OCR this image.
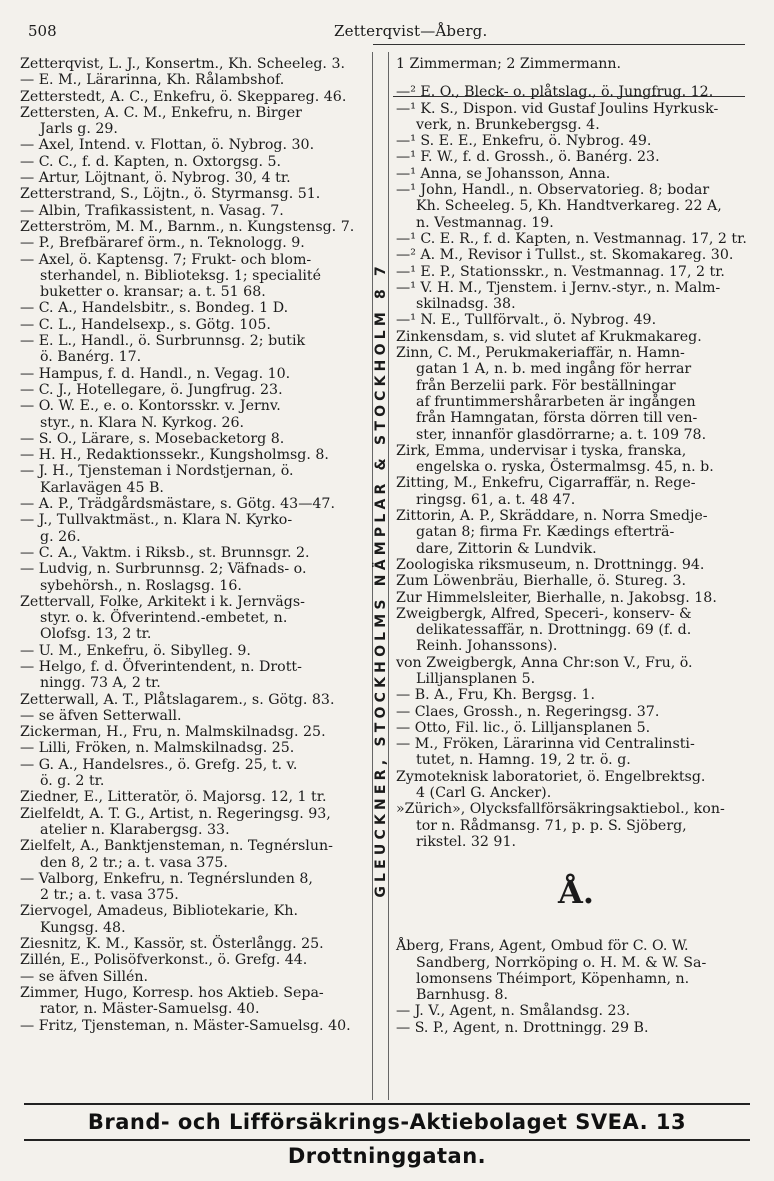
508	Zetterqvist—Åberg.
GLEUCKNER, STOCKHOLMS NÄMPLAR & STOCKHOLM 8 7
Zetterqvist, L. J., Konsertm., Kh. Scheeleg. 3.
— E. M., Lärarinna, Kh. Rålambshof.
Zetterstedt, A. C., Enkefru, ö. Skeppareg. 46.
Zettersten, A. C. M., Enkefru, n. Birger
Jarls g. 29.
— Axel, Intend. v. Flottan, ö. Nybrog. 30.
— C. C., f. d. Kapten, n. Oxtorgsg. 5.
— Artur, Löjtnant, ö. Nybrog. 30, 4 tr.
Zetterstrand, S., Löjtn., ö. Styrmansg. 51.
— Albin, Trafikassistent, n. Vasag. 7.
Zetterström, M. M., Barnm., n. Kungstensg. 7.
— P., Brefbäraref örm., n. Teknologg. 9.
— Axel, ö. Kaptensg. 7; Frukt- och blom-
sterhandel, n. Biblioteksg. 1; specialité
buketter o. kransar; a. t. 51 68.
— C. A., Handelsbitr., s. Bondeg. 1 D.
— C. L., Handelsexp., s. Götg. 105.
— E. L., Handl., ö. Surbrunnsg. 2; butik
ö. Banérg. 17.
— Hampus, f. d. Handl., n. Vegag. 10.
— C. J., Hotellegare, ö. Jungfrug. 23.
— O. W. E., e. o. Kontorsskr. v. Jernv.
styr., n. Klara N. Kyrkog. 26.
— S. O., Lärare, s. Mosebacketorg 8.
— H. H., Redaktionssekr., Kungsholmsg. 8.
— J. H., Tjensteman i Nordstjernan, ö.
Karlavägen 45 B.
— A. P., Trädgårdsmästare, s. Götg. 43—47.
— J., Tullvaktmäst., n. Klara N. Kyrko-
g. 26.
— C. A., Vaktm. i Riksb., st. Brunnsgr. 2.
— Ludvig, n. Surbrunnsg. 2; Väfnads- o.
sybehörsh., n. Roslagsg. 16.
Zettervall, Folke, Arkitekt i k. Jernvägs-
styr. o. k. Öfverintend.-embetet, n.
Olofsg. 13, 2 tr.
— U. M., Enkefru, ö. Sibylleg. 9.
— Helgo, f. d. Öfverintendent, n. Drott-
ningg. 73 A, 2 tr.
Zetterwall, A. T., Plåtslagarem., s. Götg. 83.
— se äfven Setterwall.
Zickerman, H., Fru, n. Malmskilnadsg. 25.
— Lilli, Fröken, n. Malmskilnadsg. 25.
— G. A., Handelsres., ö. Grefg. 25, t. v.
ö. g. 2 tr.
Ziedner, E., Litteratör, ö. Majorsg. 12, 1 tr.
Zielfeldt, A. T. G., Artist, n. Regeringsg. 93,
atelier n. Klarabergsg. 33.
Zielfelt, A., Banktjensteman, n. Tegnérslun-
den 8, 2 tr.; a. t. vasa 375.
— Valborg, Enkefru, n. Tegnérslunden 8,
2 tr.; a. t. vasa 375.
Ziervogel, Amadeus, Bibliotekarie, Kh.
Kungsg. 48.
Ziesnitz, K. M., Kassör, st. Österlångg. 25.
Zillén, E., Polisöfverkonst., ö. Grefg. 44.
— se äfven Sillén.
Zimmer, Hugo, Korresp. hos Aktieb. Sepa-
rator, n. Mäster-Samuelsg. 40.
— Fritz, Tjensteman, n. Mäster-Samuelsg. 40.
1 Zimmerman; 2 Zimmermann.
—² E. O., Bleck- o. plåtslag., ö. Jungfrug. 12.
—¹ K. S., Dispon. vid Gustaf Joulins Hyrkusk-
verk, n. Brunkebergsg. 4.
—¹ S. E. E., Enkefru, ö. Nybrog. 49.
—¹ F. W., f. d. Grossh., ö. Banérg. 23.
—¹ Anna, se Johansson, Anna.
—¹ John, Handl., n. Observatorieg. 8; bodar
Kh. Scheeleg. 5, Kh. Handtverkareg. 22 A,
n. Vestmannag. 19.
—¹ C. E. R., f. d. Kapten, n. Vestmannag. 17, 2 tr.
—² A. M., Revisor i Tullst., st. Skomakareg. 30.
—¹ E. P., Stationsskr., n. Vestmannag. 17, 2 tr.
—¹ V. H. M., Tjenstem. i Jernv.-styr., n. Malm-
skilnadsg. 38.
—¹ N. E., Tullförvalt., ö. Nybrog. 49.
Zinkensdam, s. vid slutet af Krukmakareg.
Zinn, C. M., Perukmakeriaffär, n. Hamn-
gatan 1 A, n. b. med ingång för herrar
från Berzelii park. För beställningar
af fruntimmershårarbeten är ingången
från Hamngatan, första dörren till ven-
ster, innanför glasdörrarne; a. t. 109 78.
Zirk, Emma, undervisar i tyska, franska,
engelska o. ryska, Östermalmsg. 45, n. b.
Zitting, M., Enkefru, Cigarraffär, n. Rege-
ringsg. 61, a. t. 48 47.
Zittorin, A. P., Skräddare, n. Norra Smedje-
gatan 8; firma Fr. Kædings efterträ-
dare, Zittorin & Lundvik.
Zoologiska riksmuseum, n. Drottningg. 94.
Zum Löwenbräu, Bierhalle, ö. Stureg. 3.
Zur Himmelsleiter, Bierhalle, n. Jakobsg. 18.
Zweigbergk, Alfred, Speceri-, konserv- &
delikatessaffär, n. Drottningg. 69 (f. d.
Reinh. Johanssons).
von Zweigbergk, Anna Chr:son V., Fru, ö.
Lilljansplanen 5.
— B. A., Fru, Kh. Bergsg. 1.
— Claes, Grossh., n. Regeringsg. 37.
— Otto, Fil. lic., ö. Lilljansplanen 5.
— M., Fröken, Lärarinna vid Centralinsti-
tutet, n. Hamng. 19, 2 tr. ö. g.
Zymoteknisk laboratoriet, ö. Engelbrektsg.
4 (Carl G. Ancker).
»Zürich», Olycksfallförsäkringsaktiebol., kon-
tor n. Rådmansg. 71, p. p. S. Sjöberg,
rikstel. 32 91.
Å.
Åberg, Frans, Agent, Ombud för C. O. W.
Sandberg, Norrköping o. H. M. & W. Sa-
lomonsens Théimport, Köpenhamn, n.
Barnhusg. 8.
— J. V., Agent, n. Smålandsg. 23.
— S. P., Agent, n. Drottningg. 29 B.
Brand- och Lifförsäkrings-Aktiebolaget SVEA. 13 Drottninggatan.
